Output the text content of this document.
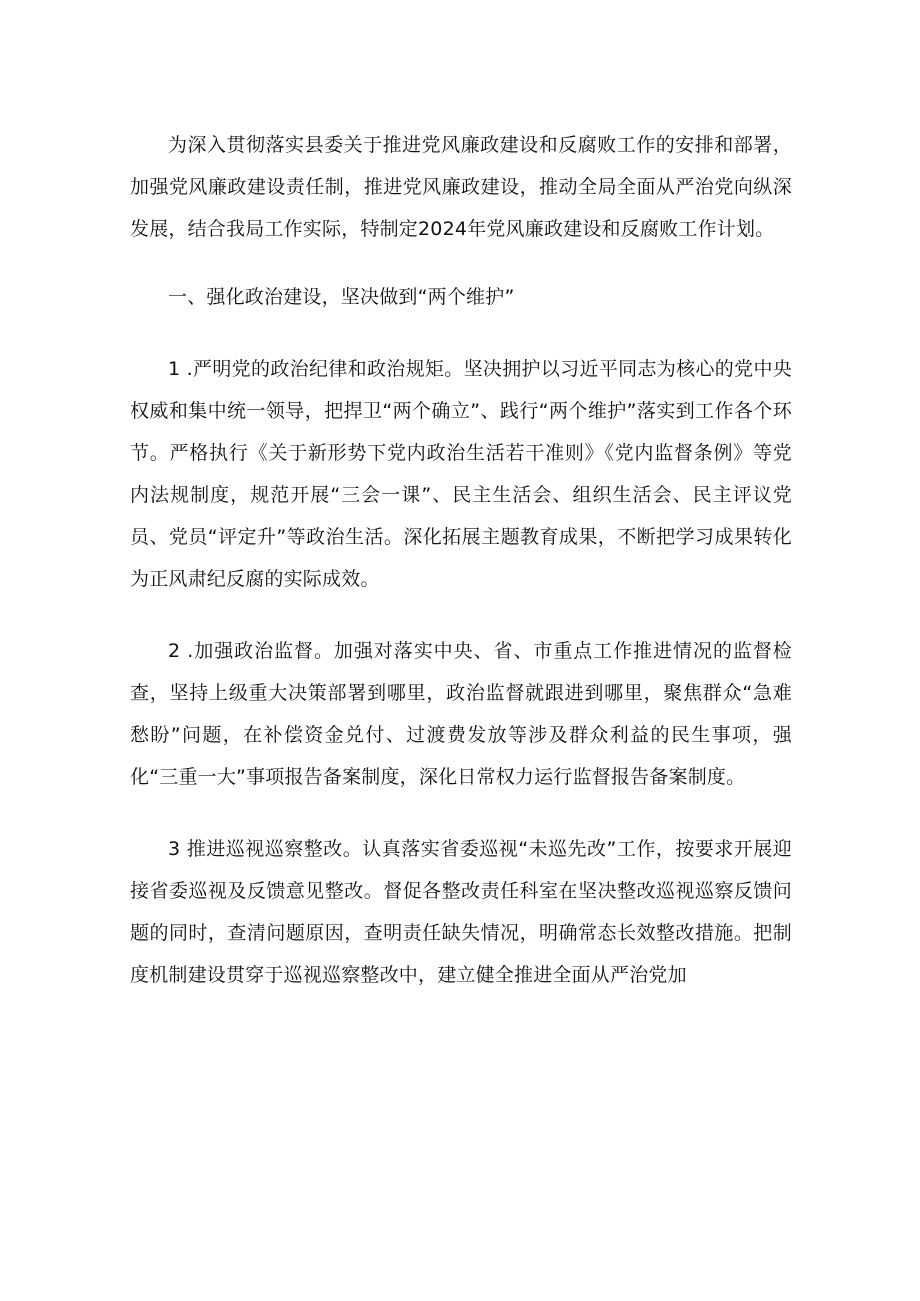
为深入贯彻落实县委关于推进党风廉政建设和反腐败工作的安排和部署，加强党风廉政建设责任制，推进党风廉政建设，推动全局全面从严治党向纵深发展，结合我局工作实际，特制定2024年党风廉政建设和反腐败工作计划。

一、强化政治建设，坚决做到“两个维护”

1 .严明党的政治纪律和政治规矩。坚决拥护以习近平同志为核心的党中央权威和集中统一领导，把捍卫“两个确立”、践行“两个维护”落实到工作各个环节。严格执行《关于新形势下党内政治生活若干准则》《党内监督条例》等党内法规制度，规范开展“三会一课”、民主生活会、组织生活会、民主评议党员、党员“评定升”等政治生活。深化拓展主题教育成果，不断把学习成果转化为正风肃纪反腐的实际成效。

2 .加强政治监督。加强对落实中央、省、市重点工作推进情况的监督检查，坚持上级重大决策部署到哪里，政治监督就跟进到哪里，聚焦群众“急难愁盼”问题，在补偿资金兑付、过渡费发放等涉及群众利益的民生事项，强化“三重一大”事项报告备案制度，深化日常权力运行监督报告备案制度。

3 推进巡视巡察整改。认真落实省委巡视“未巡先改”工作，按要求开展迎接省委巡视及反馈意见整改。督促各整改责任科室在坚决整改巡视巡察反馈问题的同时，查清问题原因，查明责任缺失情况，明确常态长效整改措施。把制度机制建设贯穿于巡视巡察整改中，建立健全推进全面从严治党加
